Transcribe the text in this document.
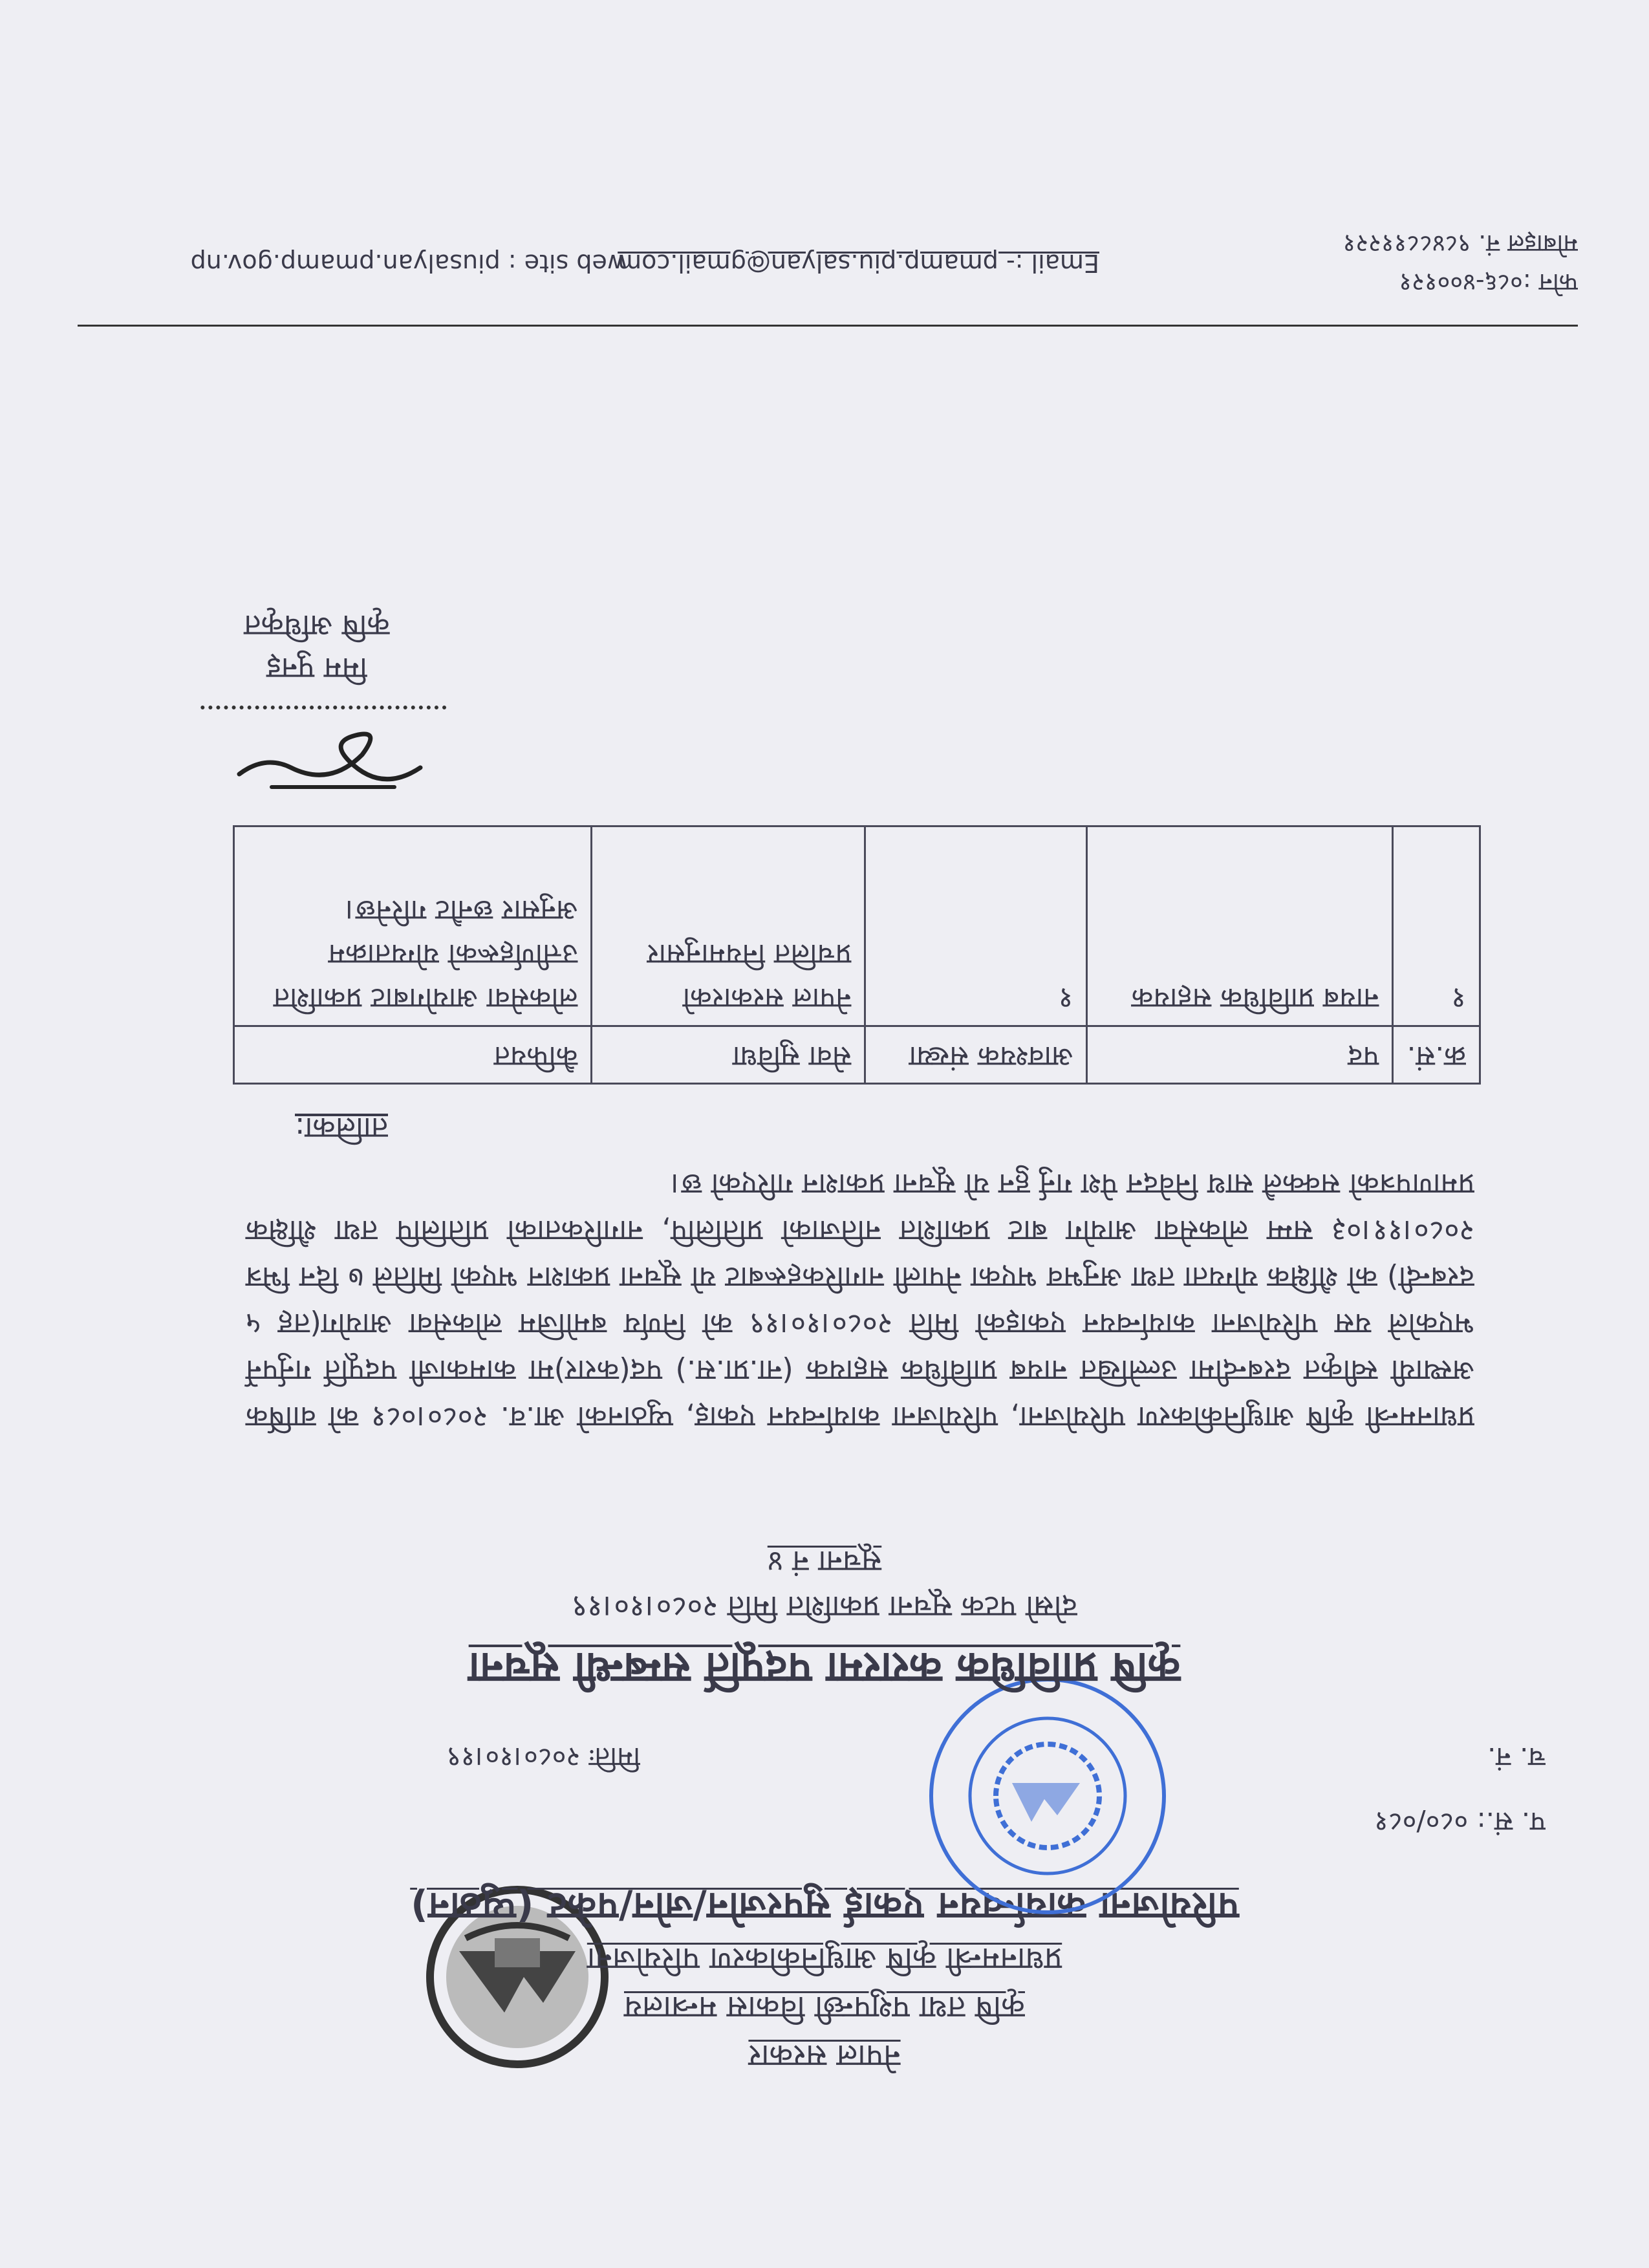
नेपाल सरकार
कृषि तथा पशुपन्छी विकास मन्त्रालय
प्रधानमन्त्री कृषि आधुनिकीकरण परियोजना
परियोजना कार्यान्वयन एकाई सुपरजोन/जोन/पकेट (प्युठान)
प. सं.: ०८०/०८१
च. नं.
मितिः २०८०।१०।१९
कृषि प्राविधिक करारमा पदपूर्ति सम्बन्धी सूचना
दोस्रो पटक सूचना प्रकाशित मिति २०८०।१०।१९
सूचना नं ४
प्रधानमन्त्री कृषि आधुनिकीकरण परियोजना, परियोजना कार्यान्वयन एकाइ, प्युठानको आ.व. २०८०।०८१ को वार्षिक अस्थायी स्वीकृत दरबन्दीमा उल्लेखित नायब प्राविधिक सहायक (ना.प्रा.स.) पद(करार)मा कामकाजी पदपूर्ति गर्नुपर्ने भएकोले यस परियोजना कार्यान्वयन एकाइको मिति २०८०।१०।१९ को निर्णय बमोजिम लोकसेवा आयोग(तह ५ दरबन्दी) को शैक्षिक योग्यता तथा अनुभव भएका नेपाली नागरिकहरूबाट यो सूचना प्रकाशन भएको मितिले ७ दिन भित्र २०८०।११।०३ सम्म लोकसेवा आयोग बाट प्रकाशित नतिजाको प्रतिलिपि, नागरिकताको प्रतिलिपि तथा शैक्षिक प्रमाणपत्रको सक्कलै साथ निवेदन पेश गर्नु हुन यो सूचना प्रकाशन गरिएको छ।
तालिका:
क्र.सं.	पद	आवश्यक संख्या	सेवा सुविधा	कैफियत
१	नायब प्राविधिक सहायक	१	नेपाल सरकारको प्रचलित नियमानुसार	लोकसेवा आयोगबाट प्रकाशित उत्तीर्णहरूको योग्यताक्रम अनुसार छनौट गरिनेछ।
मिम पुनइ
कृषि अधिकृत
फोन :०८६-४००१२१
मोबाइल नं. ९८४८८११२२१
Email :- pmamp.piu.salyan@gmail.com
web site : piusalyan.pmamp.gov.np
